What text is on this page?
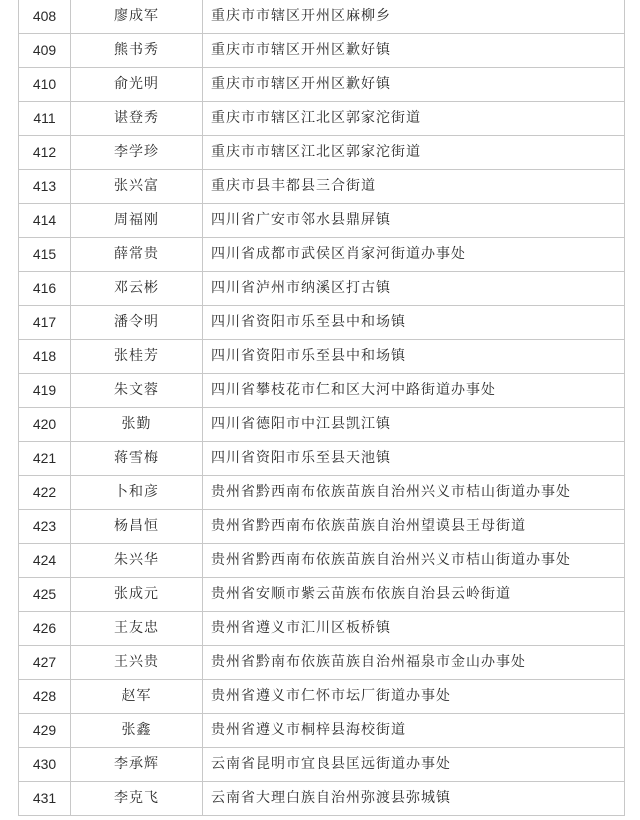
408	廖成军	重庆市市辖区开州区麻柳乡
409	熊书秀	重庆市市辖区开州区歉好镇
410	俞光明	重庆市市辖区开州区歉好镇
411	谌登秀	重庆市市辖区江北区郭家沱街道
412	李学珍	重庆市市辖区江北区郭家沱街道
413	张兴富	重庆市县丰都县三合街道
414	周福刚	四川省广安市邻水县鼎屏镇
415	薛常贵	四川省成都市武侯区肖家河街道办事处
416	邓云彬	四川省泸州市纳溪区打古镇
417	潘令明	四川省资阳市乐至县中和场镇
418	张桂芳	四川省资阳市乐至县中和场镇
419	朱文蓉	四川省攀枝花市仁和区大河中路街道办事处
420	张勤	四川省德阳市中江县凯江镇
421	蒋雪梅	四川省资阳市乐至县天池镇
422	卜和彦	贵州省黔西南布依族苗族自治州兴义市桔山街道办事处
423	杨昌恒	贵州省黔西南布依族苗族自治州望谟县王母街道
424	朱兴华	贵州省黔西南布依族苗族自治州兴义市桔山街道办事处
425	张成元	贵州省安顺市紫云苗族布依族自治县云岭街道
426	王友忠	贵州省遵义市汇川区板桥镇
427	王兴贵	贵州省黔南布依族苗族自治州福泉市金山办事处
428	赵军	贵州省遵义市仁怀市坛厂街道办事处
429	张鑫	贵州省遵义市桐梓县海校街道
430	李承辉	云南省昆明市宜良县匡远街道办事处
431	李克飞	云南省大理白族自治州弥渡县弥城镇
